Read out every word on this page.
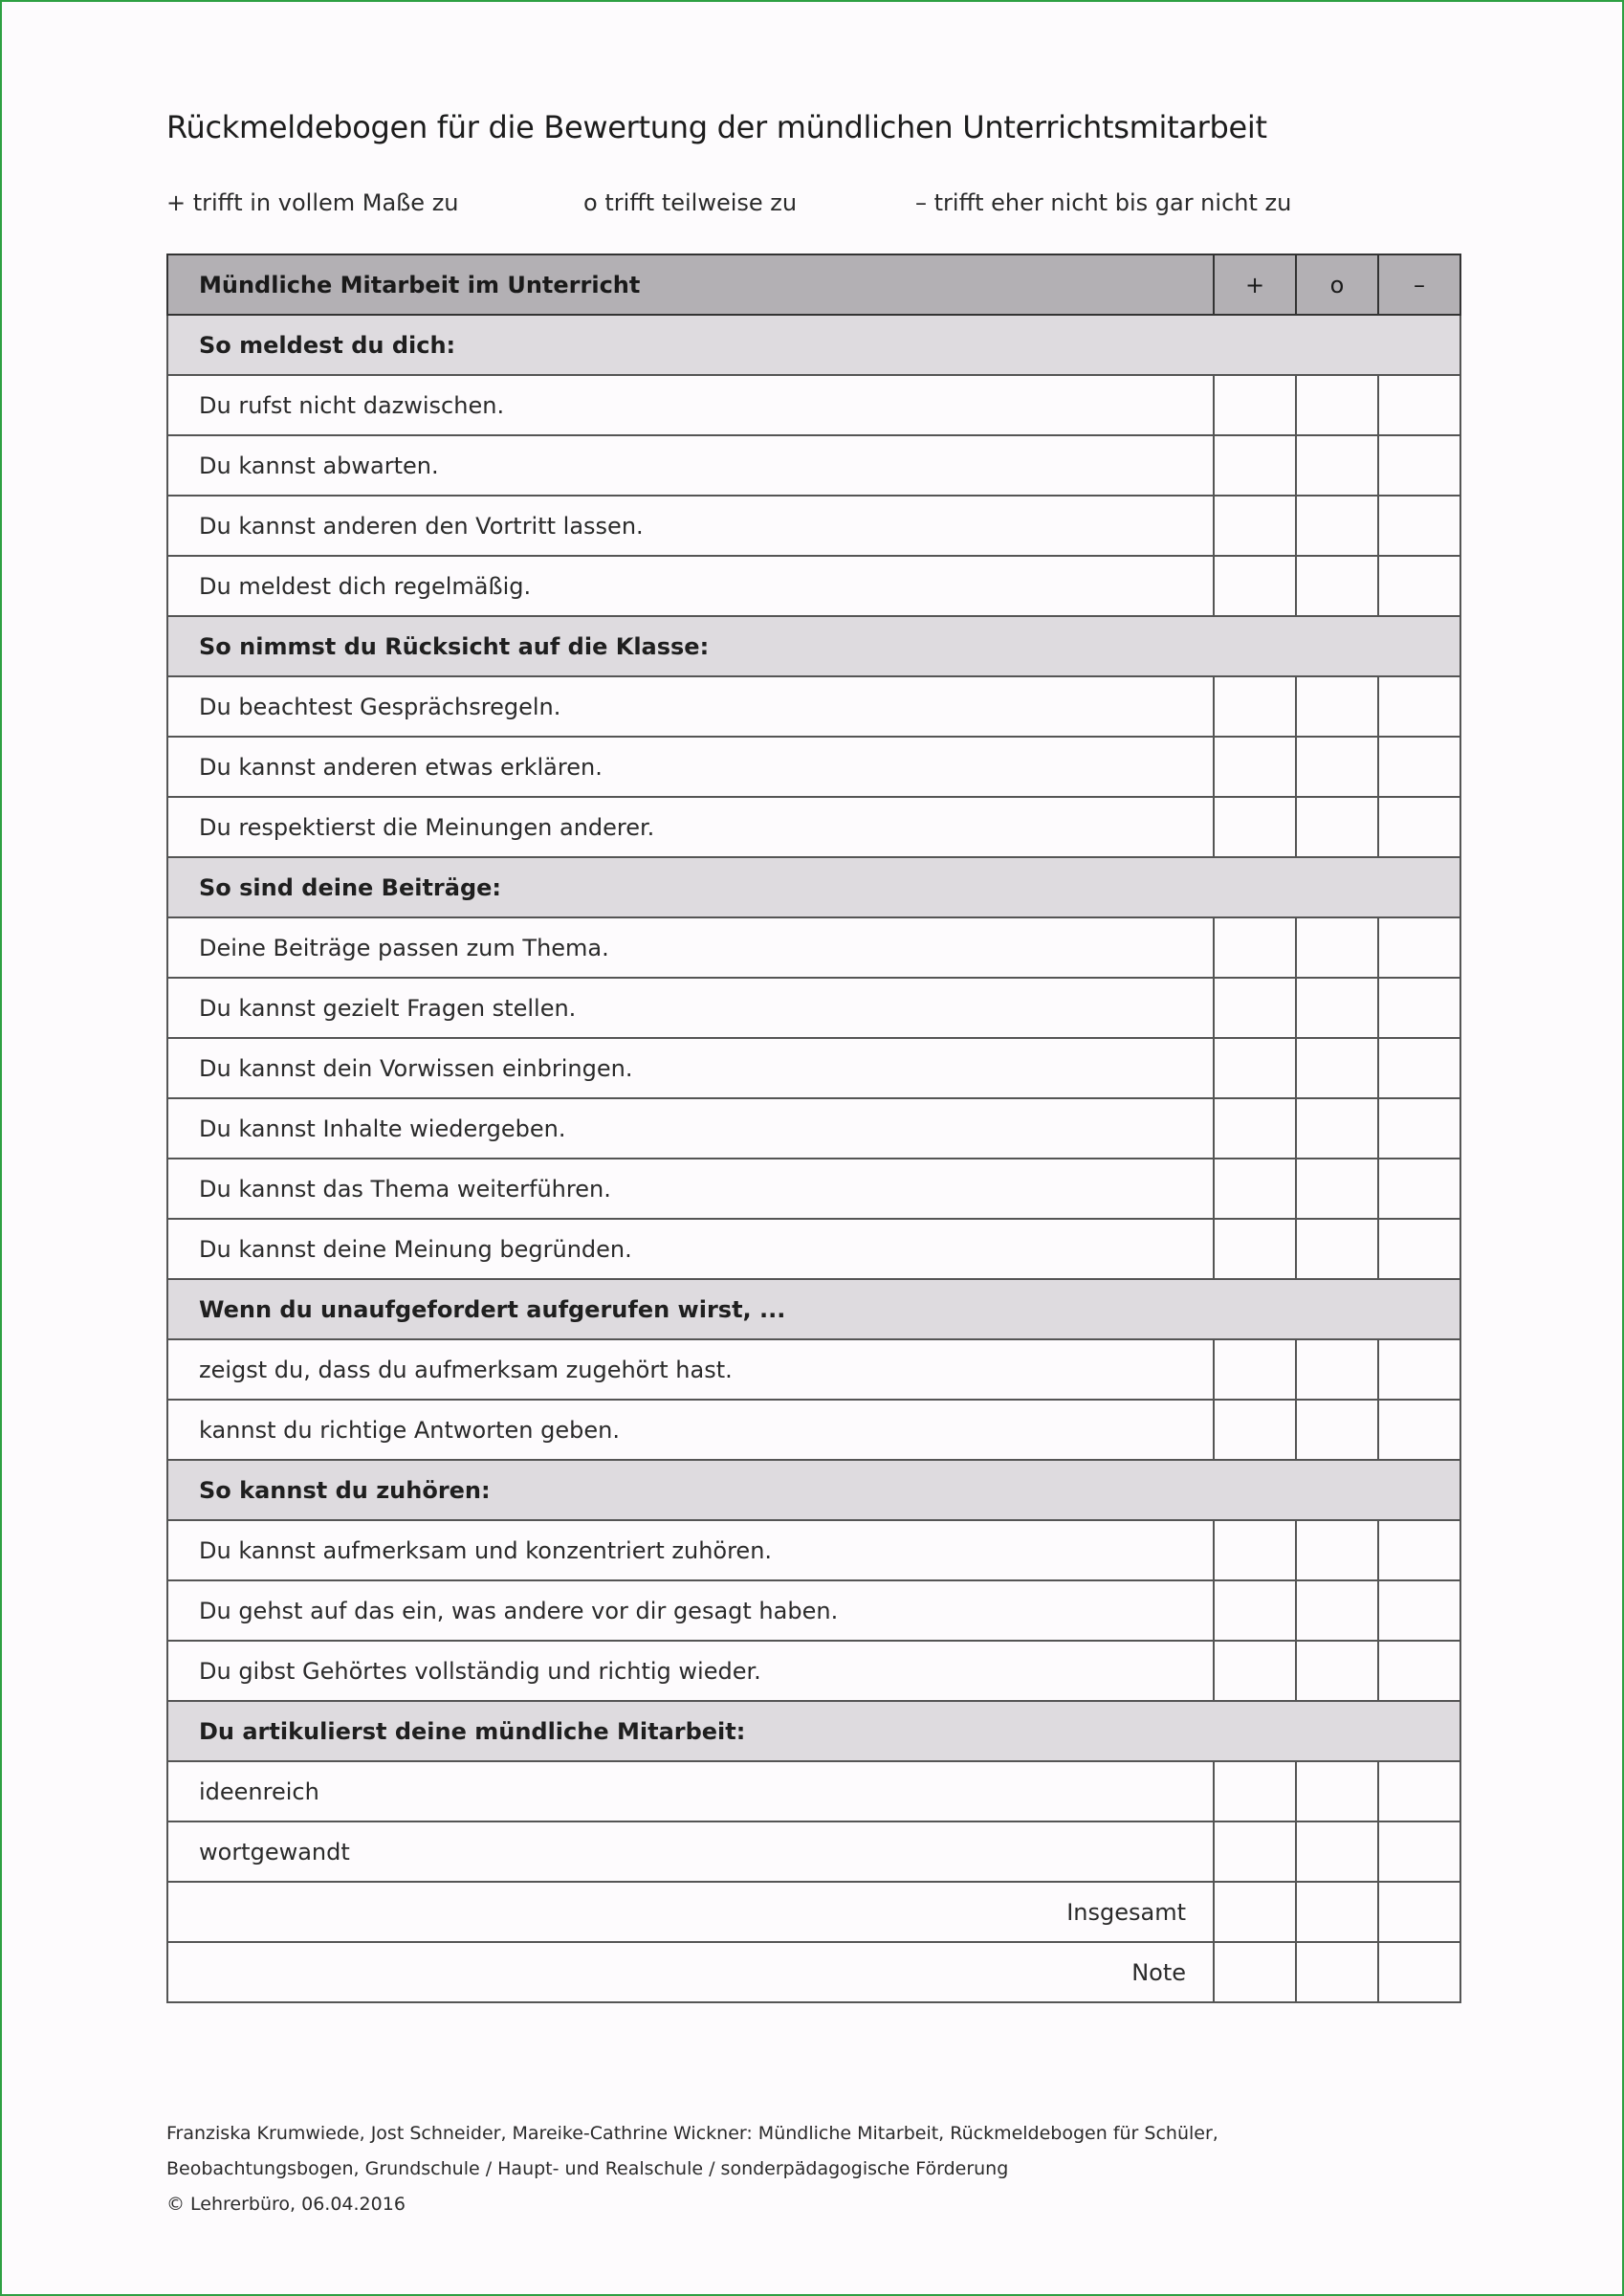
Rückmeldebogen für die Bewertung der mündlichen Unterrichtsmitarbeit
+ trifft in vollem Maße zu	o trifft teilweise zu	– trifft eher nicht bis gar nicht zu
Mündliche Mitarbeit im Unterricht	+	o	–
So meldest du dich:			
Du rufst nicht dazwischen.			
Du kannst abwarten.			
Du kannst anderen den Vortritt lassen.			
Du meldest dich regelmäßig.			
So nimmst du Rücksicht auf die Klasse:			
Du beachtest Gesprächsregeln.			
Du kannst anderen etwas erklären.			
Du respektierst die Meinungen anderer.			
So sind deine Beiträge:			
Deine Beiträge passen zum Thema.			
Du kannst gezielt Fragen stellen.			
Du kannst dein Vorwissen einbringen.			
Du kannst Inhalte wiedergeben.			
Du kannst das Thema weiterführen.			
Du kannst deine Meinung begründen.			
Wenn du unaufgefordert aufgerufen wirst, ...			
zeigst du, dass du aufmerksam zugehört hast.			
kannst du richtige Antworten geben.			
So kannst du zuhören:			
Du kannst aufmerksam und konzentriert zuhören.			
Du gehst auf das ein, was andere vor dir gesagt haben.			
Du gibst Gehörtes vollständig und richtig wieder.			
Du artikulierst deine mündliche Mitarbeit:			
ideenreich			
wortgewandt			
Insgesamt			
Note			
Franziska Krumwiede, Jost Schneider, Mareike-Cathrine Wickner: Mündliche Mitarbeit, Rückmeldebogen für Schüler,
Beobachtungsbogen, Grundschule / Haupt- und Realschule / sonderpädagogische Förderung
© Lehrerbüro, 06.04.2016
